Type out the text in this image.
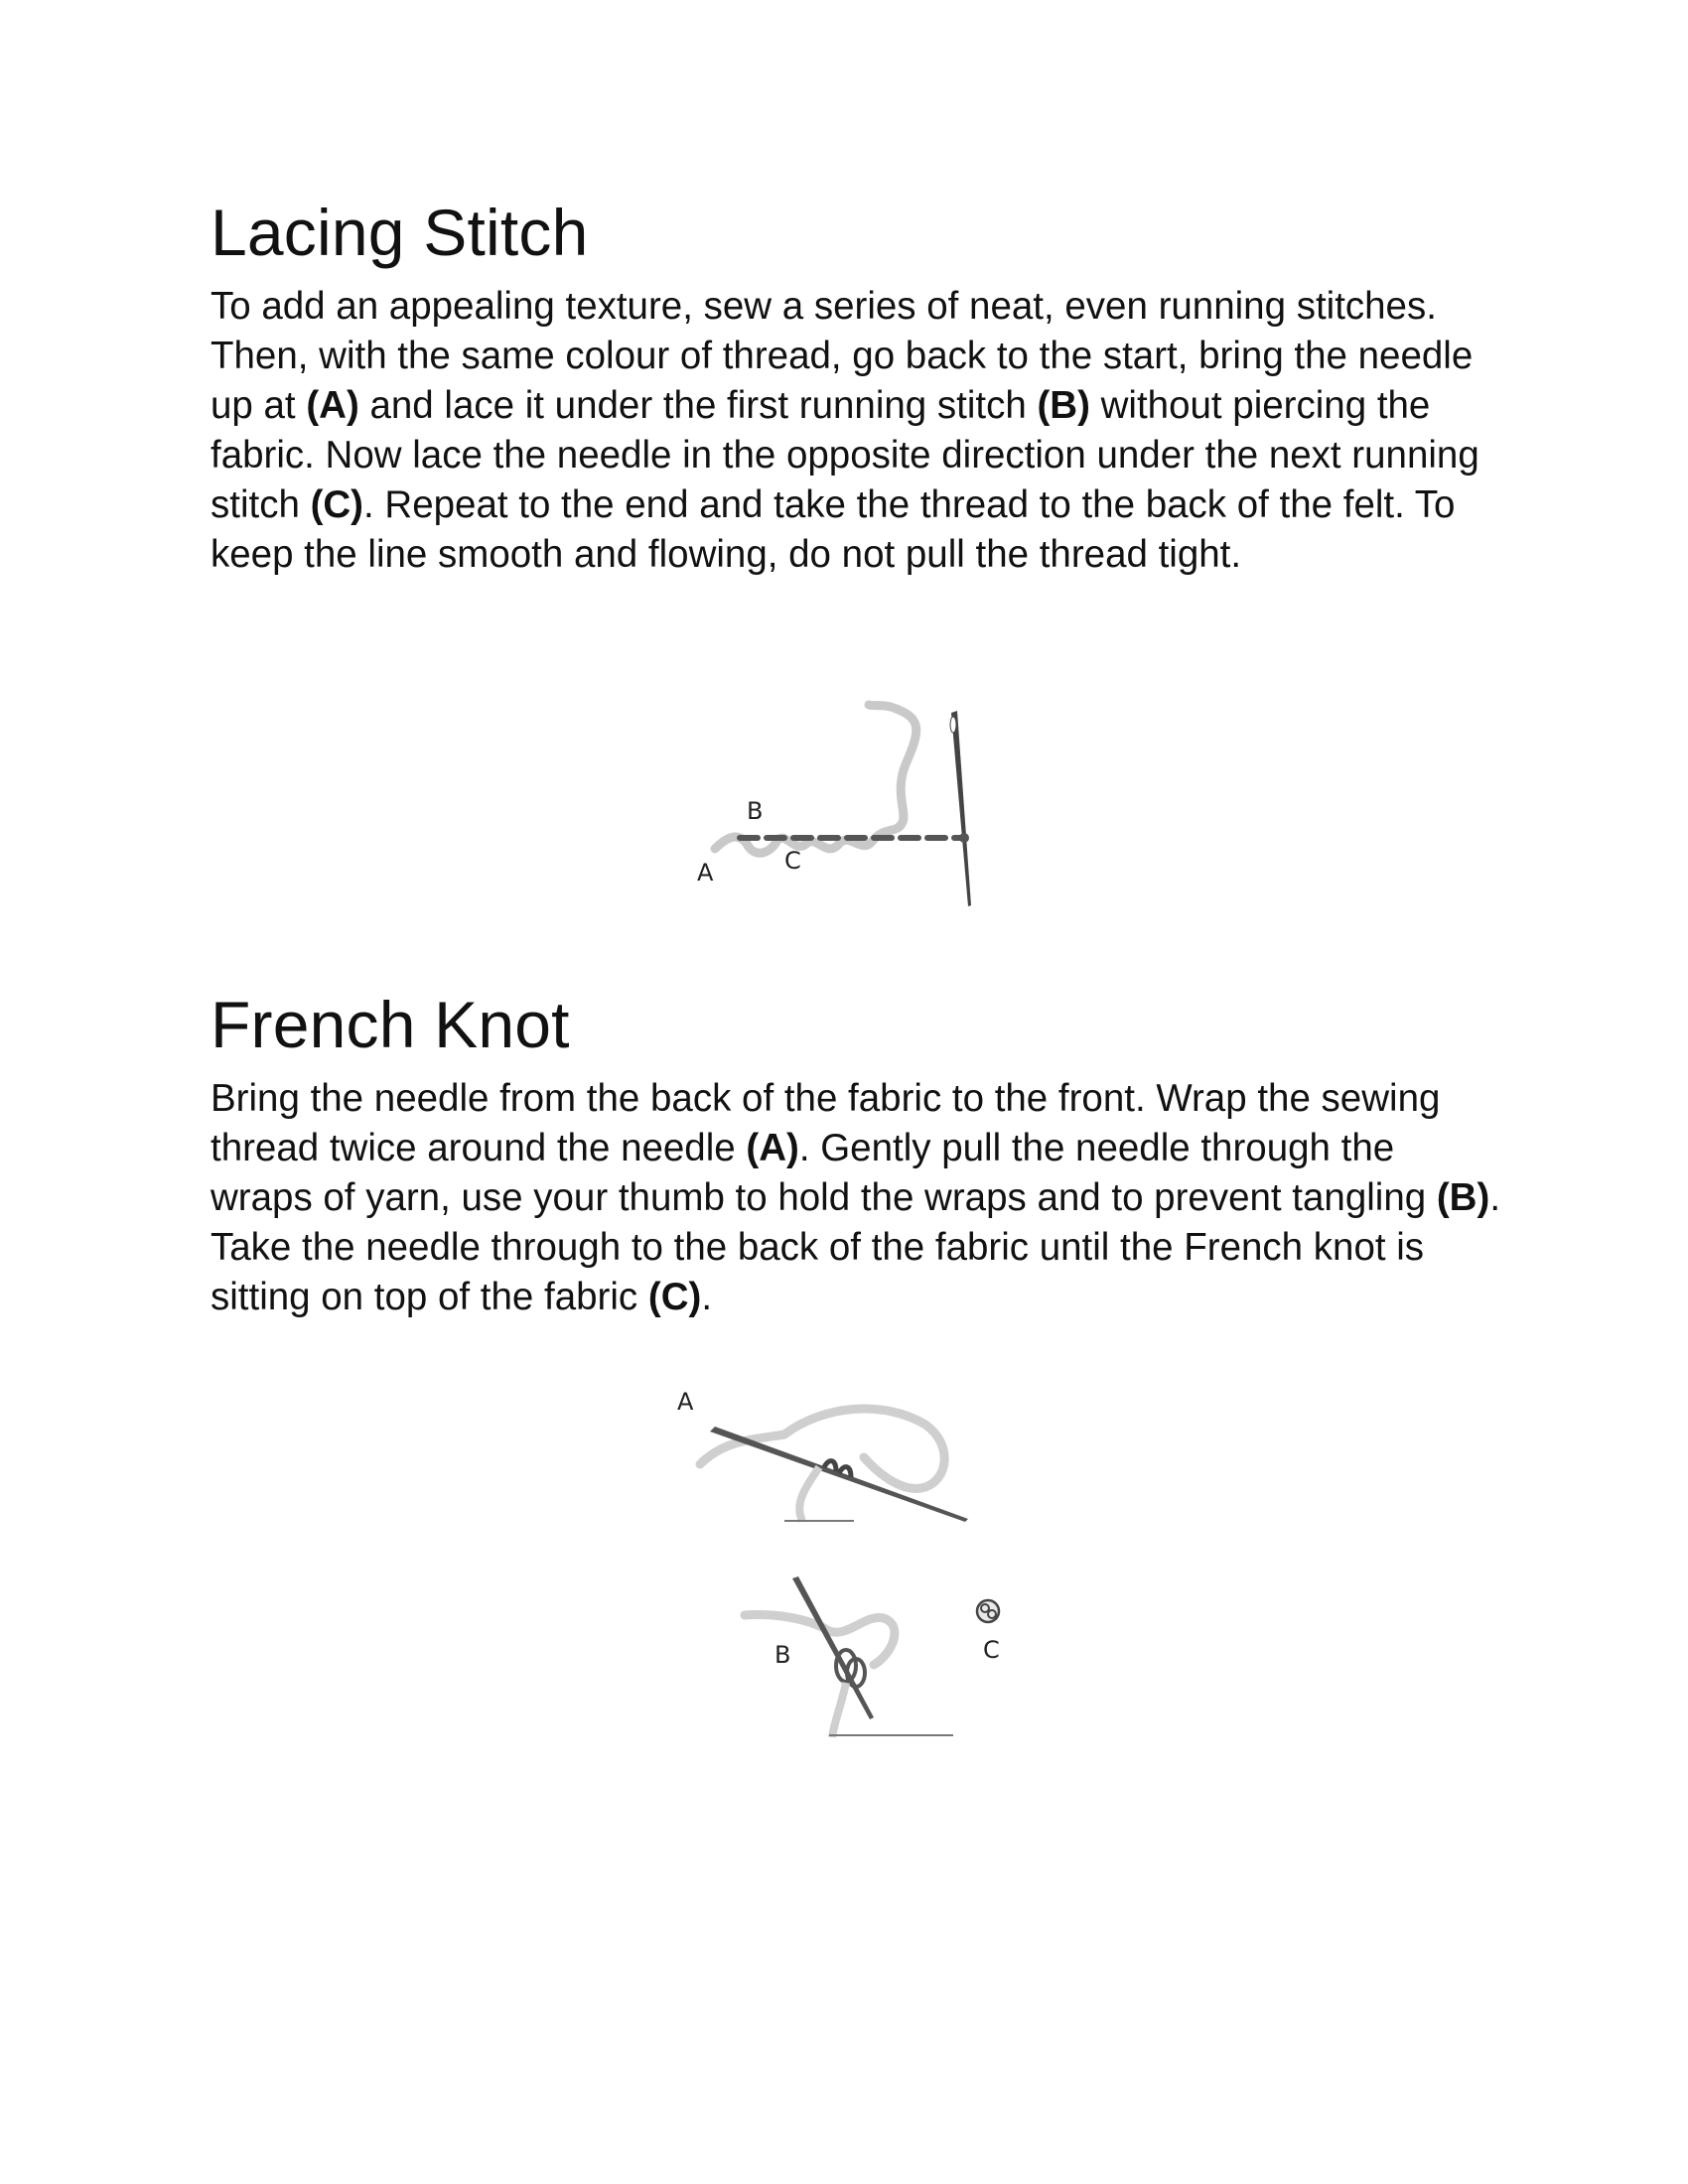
Lacing Stitch

To add an appealing texture, sew a series of neat, even running stitches. Then, with the same colour of thread, go back to the start, bring the needle up at (A) and lace it under the first running stitch (B) without piercing the fabric. Now lace the needle in the opposite direction under the next running stitch (C). Repeat to the end and take the thread to the back of the felt. To keep the line smooth and flowing, do not pull the thread tight.

B
A	C
French Knot

Bring the needle from the back of the fabric to the front. Wrap the sewing thread twice around the needle (A). Gently pull the needle through the wraps of yarn, use your thumb to hold the wraps and to prevent tangling (B). Take the needle through to the back of the fabric until the French knot is sitting on top of the fabric (C).

A
B	C
